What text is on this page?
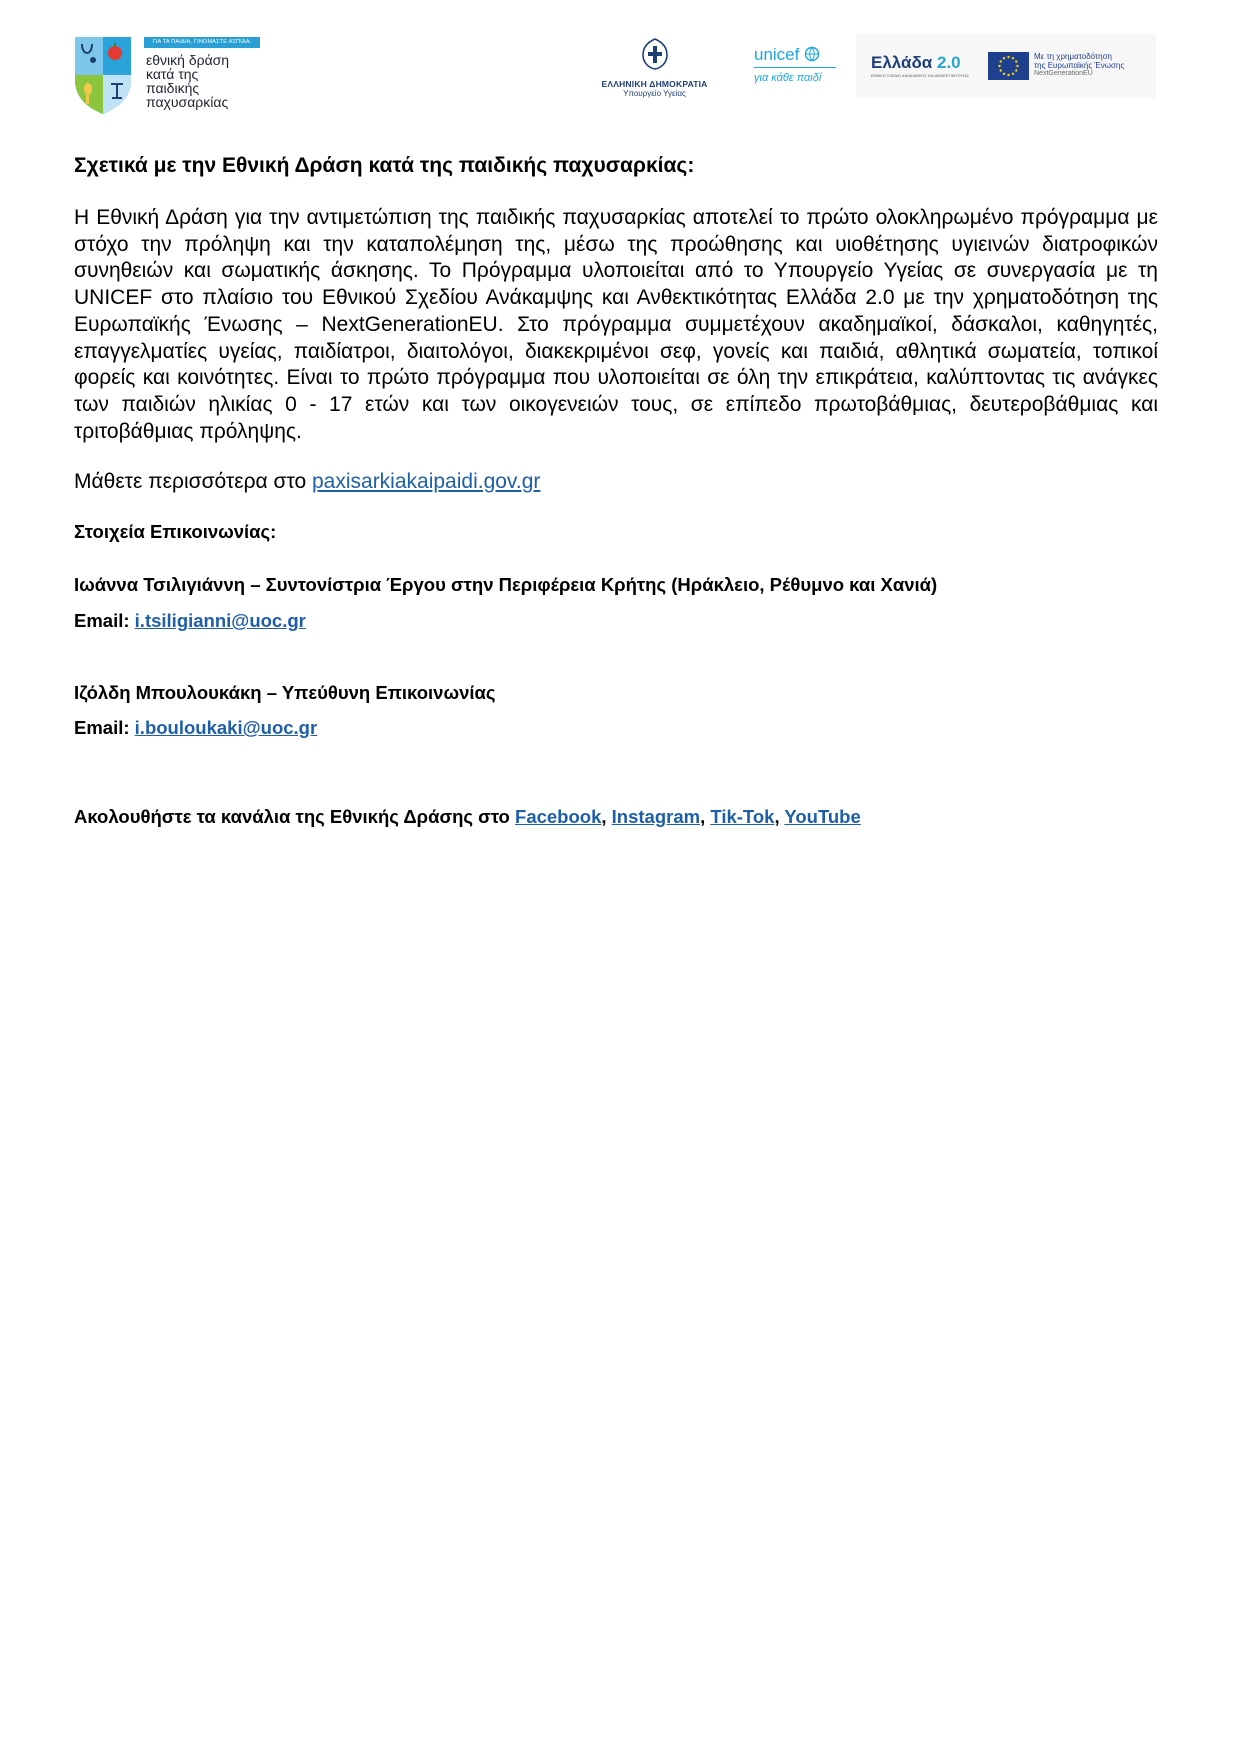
ΓΙΑ ΤΑ ΠΑΙΔΙΑ, ΓΙΝΟΜΑΣΤΕ ΑΣΠΙΔΑ.
εθνική δράση
κατά της
παιδικής
παχυσαρκίας
ΕΛΛΗΝΙΚΗ ΔΗΜΟΚΡΑΤΙΑ
Υπουργείο Υγείας
unicef
για κάθε παιδί
Ελλάδα 2.0
ΕΘΝΙΚΟ ΣΧΕΔΙΟ ΑΝΑΚΑΜΨΗΣ ΚΑΙ ΑΝΘΕΚΤΙΚΟΤΗΤΑΣ
Με τη χρηματοδότηση
της Ευρωπαϊκής Ένωσης
NextGenerationEU
Σχετικά με την Εθνική Δράση κατά της παιδικής παχυσαρκίας:

Η Εθνική Δράση για την αντιμετώπιση της παιδικής παχυσαρκίας αποτελεί το πρώτο ολοκληρωμένο πρόγραμμα με στόχο την πρόληψη και την καταπολέμηση της, μέσω της προώθησης και υιοθέτησης υγιεινών διατροφικών συνηθειών και σωματικής άσκησης. Το Πρόγραμμα υλοποιείται από το Υπουργείο Υγείας σε συνεργασία με τη UNICEF στο πλαίσιο του Εθνικού Σχεδίου Ανάκαμψης και Ανθεκτικότητας Ελλάδα 2.0 με την χρηματοδότηση της Ευρωπαϊκής Ένωσης – NextGenerationEU. Στο πρόγραμμα συμμετέχουν ακαδημαϊκοί, δάσκαλοι, καθηγητές, επαγγελματίες υγείας, παιδίατροι, διαιτολόγοι, διακεκριμένοι σεφ, γονείς και παιδιά, αθλητικά σωματεία, τοπικοί φορείς και κοινότητες. Είναι το πρώτο πρόγραμμα που υλοποιείται σε όλη την επικράτεια, καλύπτοντας τις ανάγκες των παιδιών ηλικίας 0 - 17 ετών και των οικογενειών τους, σε επίπεδο πρωτοβάθμιας, δευτεροβάθμιας και τριτοβάθμιας πρόληψης.

Μάθετε περισσότερα στο paxisarkiakaipaidi.gov.gr
Στοιχεία Επικοινωνίας:
Ιωάννα Τσιλιγιάννη – Συντονίστρια Έργου στην Περιφέρεια Κρήτης (Ηράκλειο, Ρέθυμνο και Χανιά)
Email: i.tsiligianni@uoc.gr
Ιζόλδη Μπουλουκάκη – Υπεύθυνη Επικοινωνίας
Email: i.bouloukaki@uoc.gr
Ακολουθήστε τα κανάλια της Εθνικής Δράσης στο Facebook, Instagram, Tik-Tok, YouTube
